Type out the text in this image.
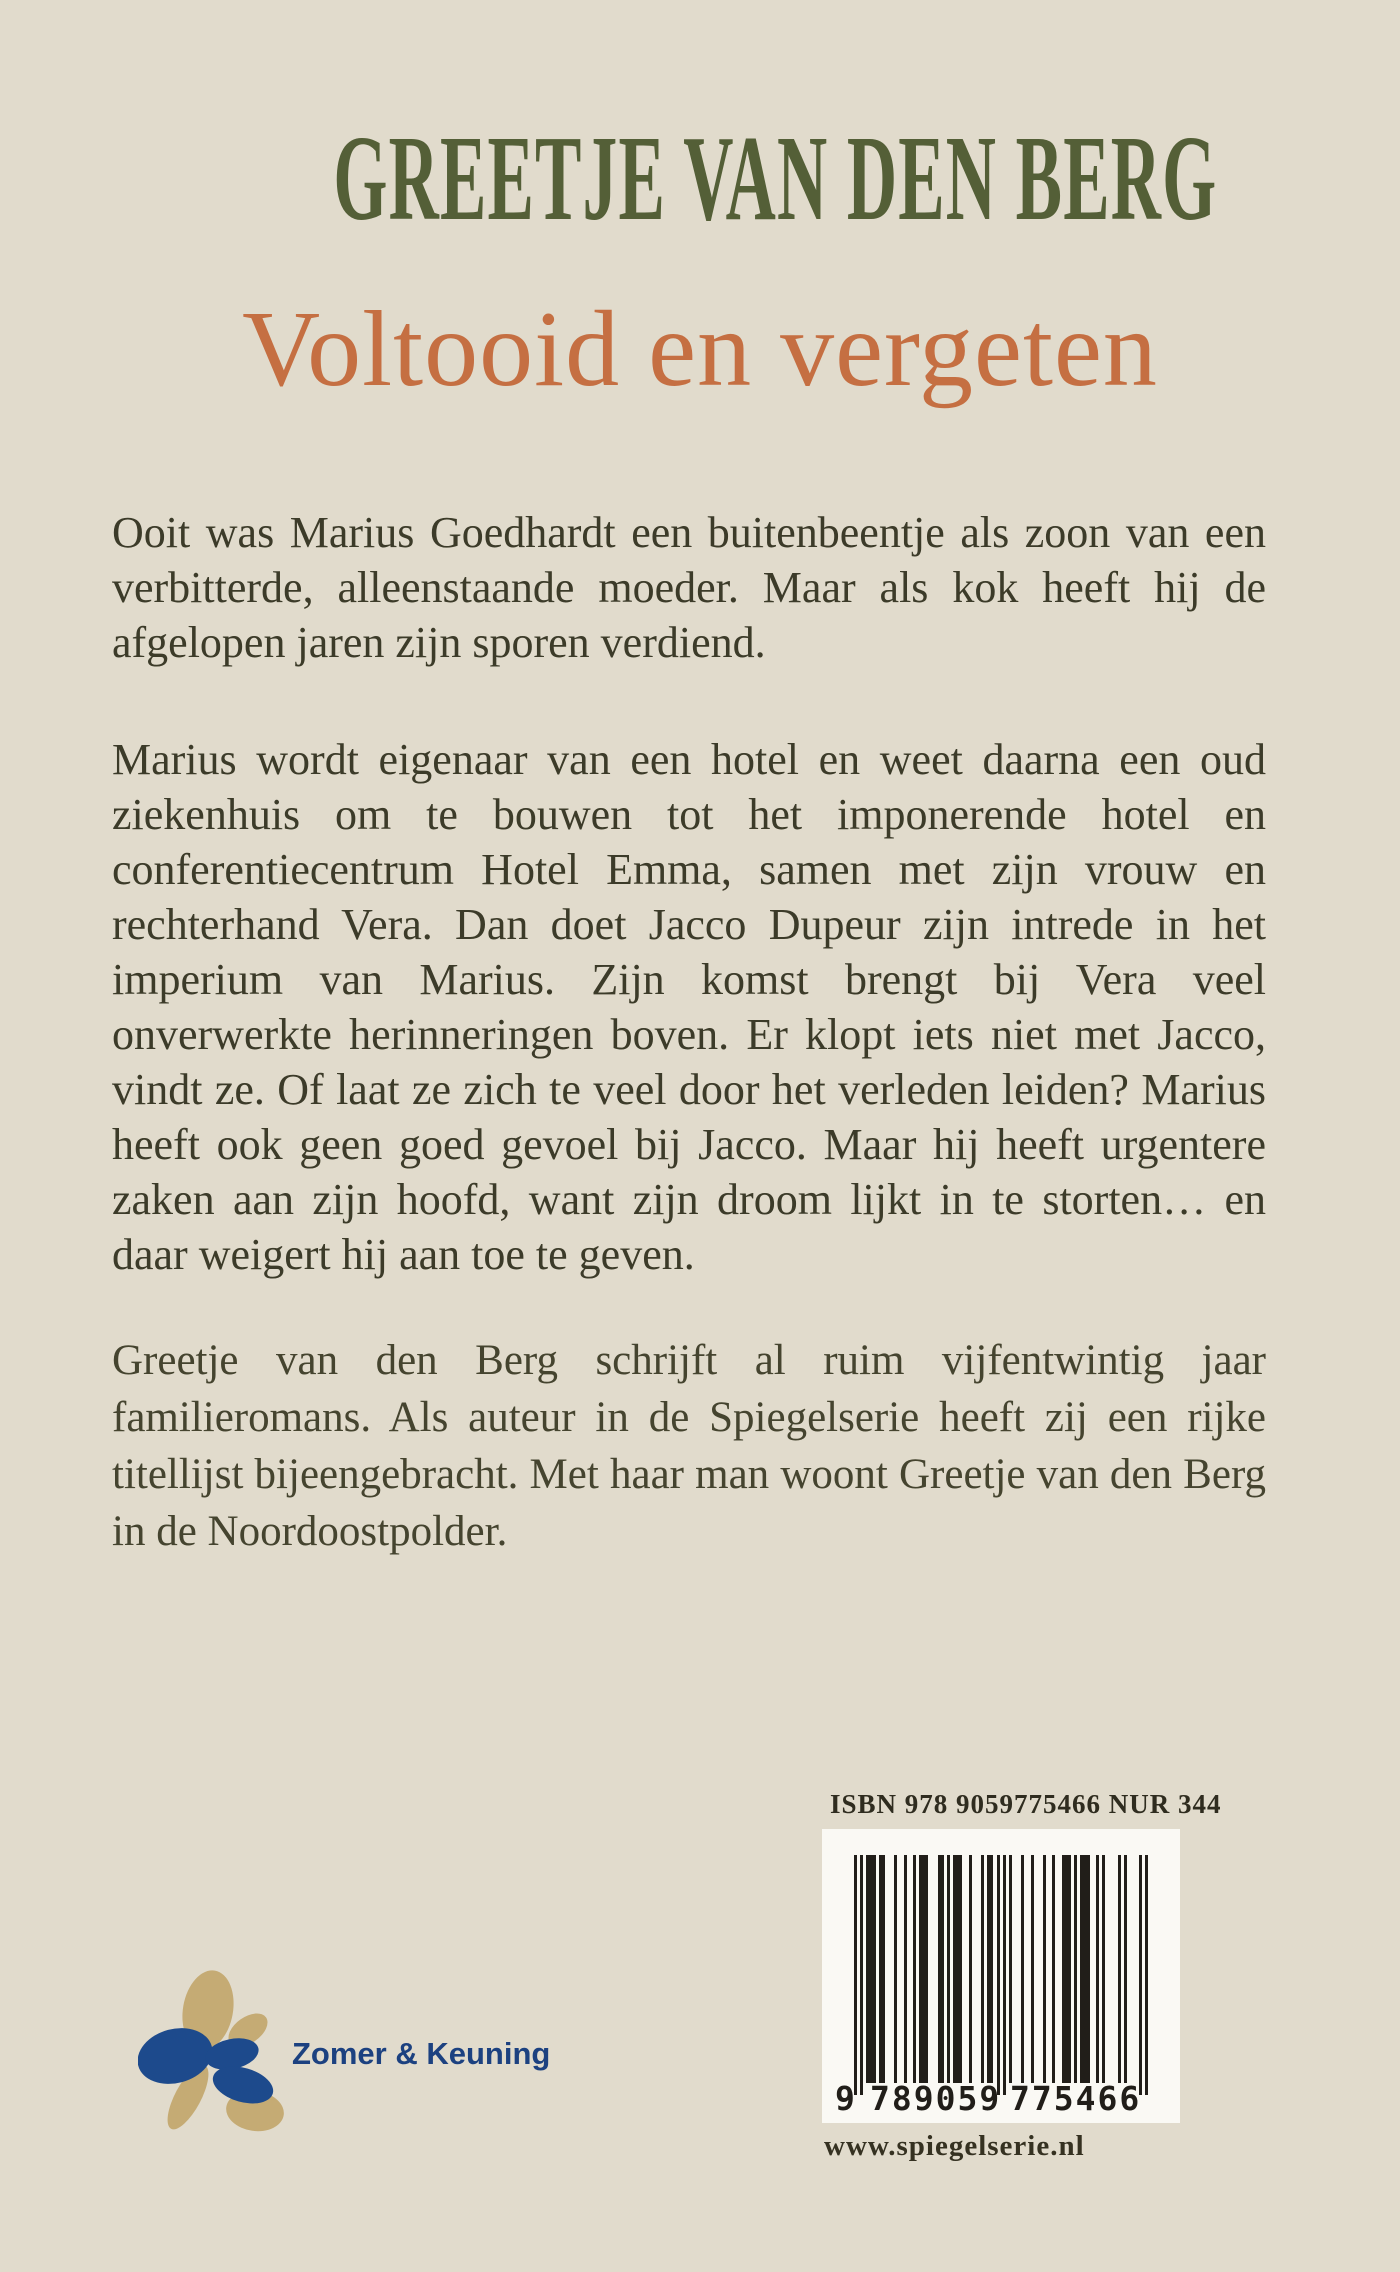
GREETJE VAN DEN BERG
Voltooid en vergeten

Ooit was Marius Goedhardt een buitenbeentje als zoon van een verbitterde, alleenstaande moeder. Maar als kok heeft hij de afgelopen jaren zijn sporen verdiend.

Marius wordt eigenaar van een hotel en weet daarna een oud ziekenhuis om te bouwen tot het imponerende hotel en conferentiecentrum Hotel Emma, samen met zijn vrouw en rechterhand Vera. Dan doet Jacco Dupeur zijn intrede in het imperium van Marius. Zijn komst brengt bij Vera veel onverwerkte herinneringen boven. Er klopt iets niet met Jacco, vindt ze. Of laat ze zich te veel door het verleden leiden? Marius heeft ook geen goed gevoel bij Jacco. Maar hij heeft urgentere zaken aan zijn hoofd, want zijn droom lijkt in te storten… en daar weigert hij aan toe te geven.

Greetje van den Berg schrijft al ruim vijfentwintig jaar familieromans. Als auteur in de Spiegelserie heeft zij een rijke titellijst bijeengebracht. Met haar man woont Greetje van den Berg in de Noordoostpolder.

ISBN 978 9059775466 NUR 344
9 789059 775466
www.spiegelserie.nl
Zomer & Keuning
